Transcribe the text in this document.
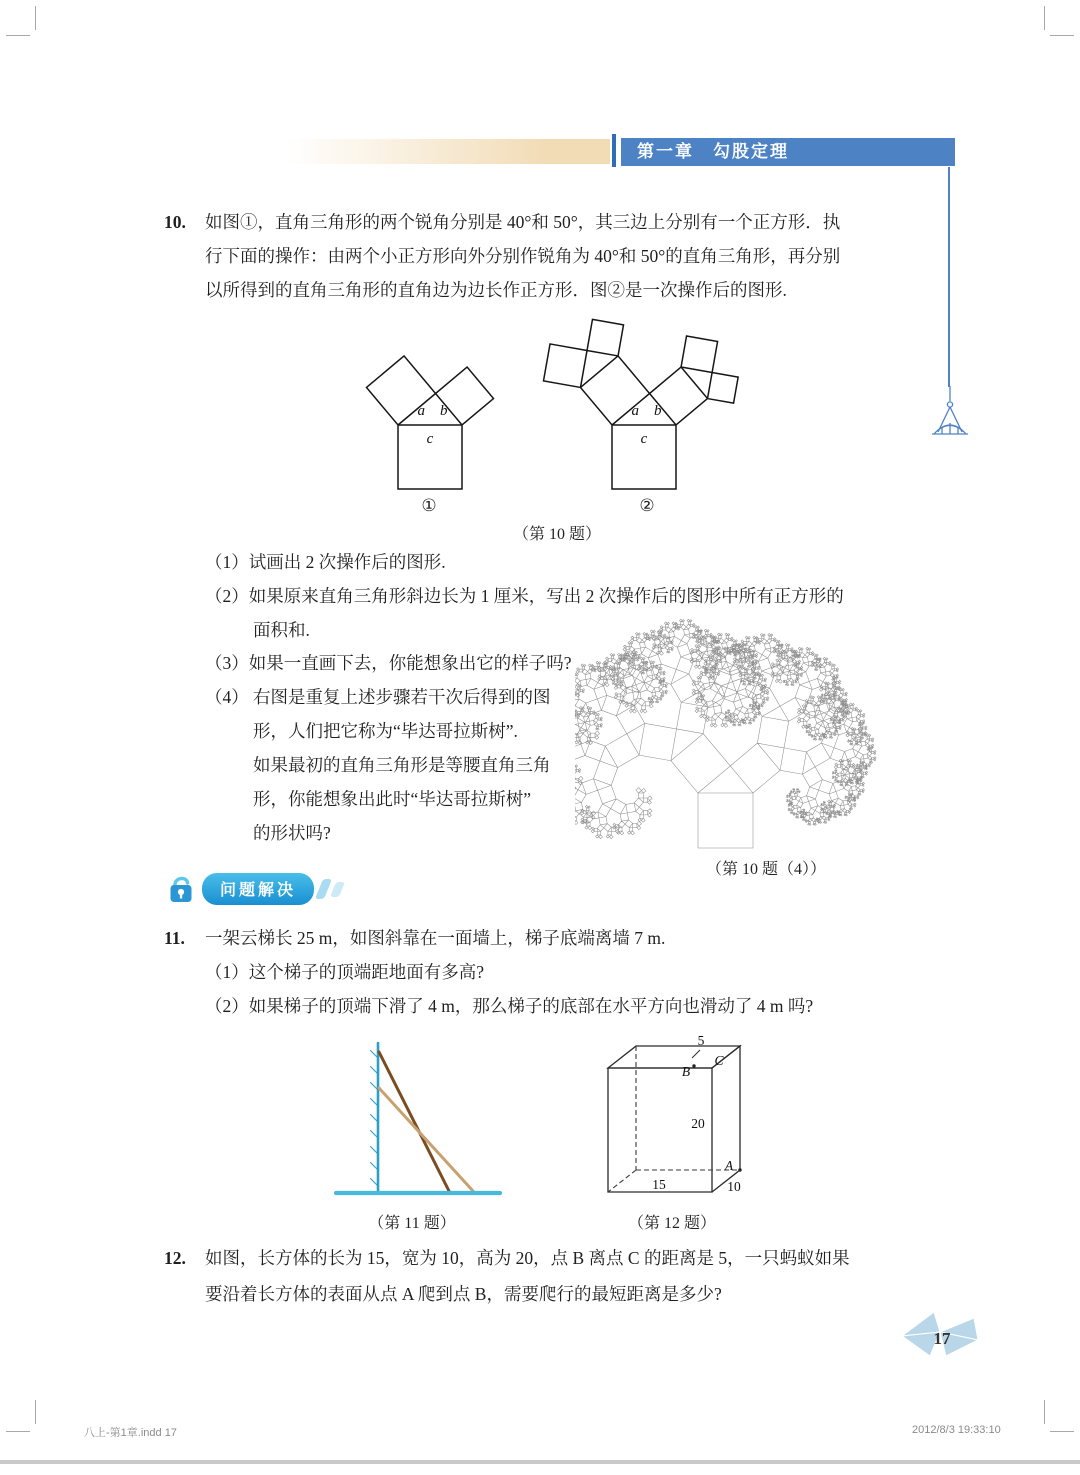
第一章　勾股定理
10. 如图①，直角三角形的两个锐角分别是 40°和 50°，其三边上分别有一个正方形．执
行下面的操作：由两个小正方形向外分别作锐角为 40°和 50°的直角三角形，再分别
以所得到的直角三角形的直角边为边长作正方形．图②是一次操作后的图形.
c
a b
c
a b
①	②
（第 10 题）
（1）试画出 2 次操作后的图形.
（2）如果原来直角三角形斜边长为 1 厘米，写出 2 次操作后的图形中所有正方形的
面积和.
（3）如果一直画下去，你能想象出它的样子吗?
（4） 右图是重复上述步骤若干次后得到的图
形，人们把它称为“毕达哥拉斯树”.
如果最初的直角三角形是等腰直角三角
形，你能想象出此时“毕达哥拉斯树”
的形状吗?
（第 10 题（4））
问题解决
11. 一架云梯长 25 m，如图斜靠在一面墙上，梯子底端离墙 7 m.
（1）这个梯子的顶端距地面有多高?
（2）如果梯子的顶端下滑了 4 m，那么梯子的底部在水平方向也滑动了 4 m 吗?
5
B
C
20
15	10
A
（第 11 题）	（第 12 题）
12. 如图，长方体的长为 15，宽为 10，高为 20，点 B 离点 C 的距离是 5，一只蚂蚁如果
要沿着长方体的表面从点 A 爬到点 B，需要爬行的最短距离是多少?
17
八上-第1章.indd 17	2012/8/3 19:33:10
